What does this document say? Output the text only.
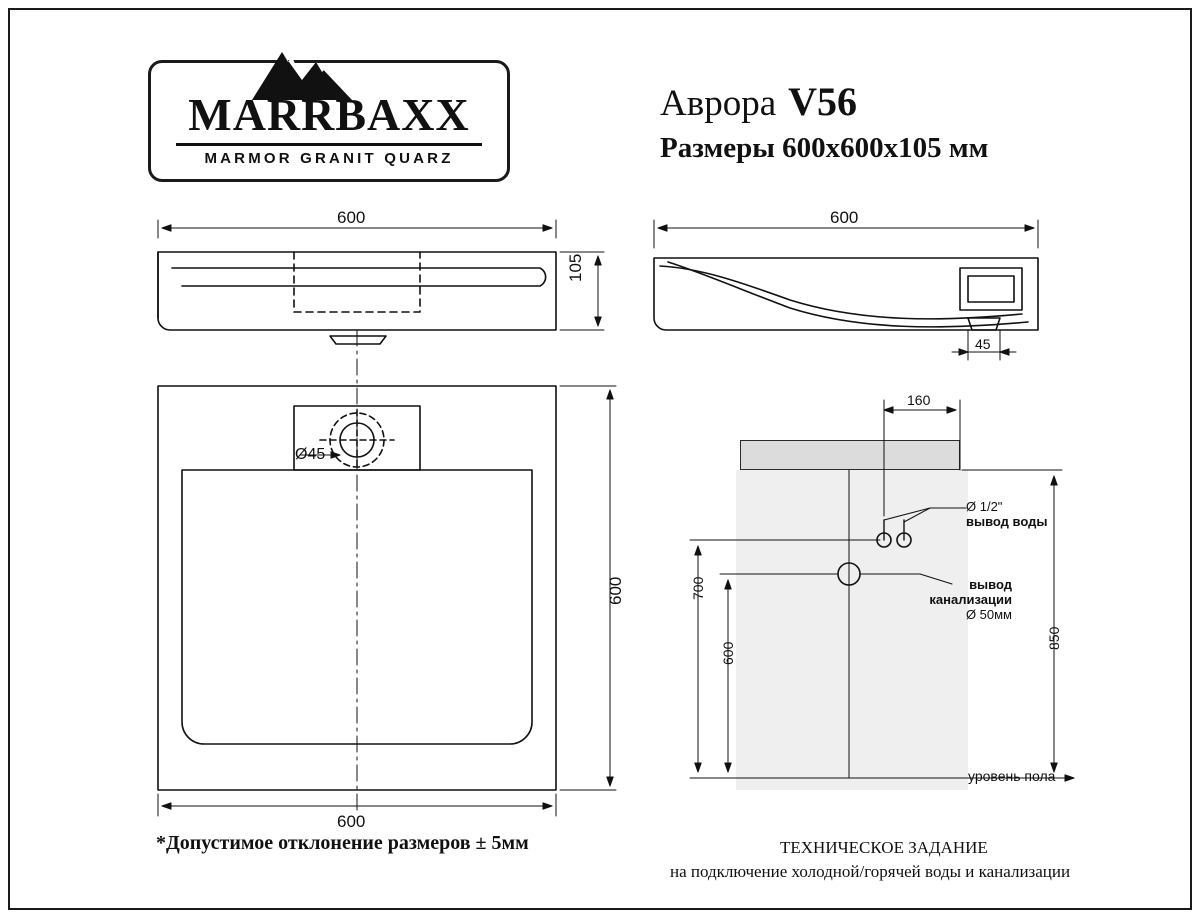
MARRBAXX
MARMOR GRANIT QUARZ
Аврора V56
Размеры 600x600x105 мм
600
105
600
45
600
600
Ø45
160
700
600
850
Ø 1/2"
вывод воды
вывод
канализации
Ø 50мм
уровень пола
*Допустимое отклонение размеров ± 5мм	ТЕХНИЧЕСКОЕ ЗАДАНИЕ
на подключение холодной/горячей воды и канализации
